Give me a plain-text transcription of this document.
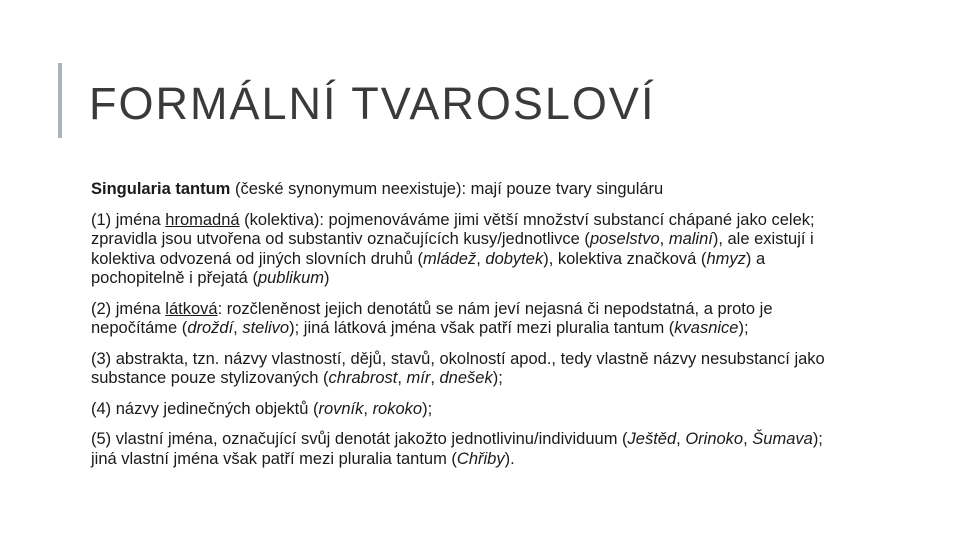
FORMÁLNÍ TVAROSLOVÍ

Singularia tantum (české synonymum neexistuje): mají pouze tvary singuláru

(1) jména hromadná (kolektiva): pojmenováváme jimi větší množství substancí chápané jako celek; zpravidla jsou utvořena od substantiv označujících kusy/jednotlivce (poselstvo, maliní), ale existují i kolektiva odvozená od jiných slovních druhů (mládež, dobytek), kolektiva značková (hmyz) a pochopitelně i přejatá (publikum)

(2) jména látková: rozčleněnost jejich denotátů se nám jeví nejasná či nepodstatná, a proto je nepočítáme (droždí, stelivo); jiná látková jména však patří mezi pluralia tantum (kvasnice);

(3) abstrakta, tzn. názvy vlastností, dějů, stavů, okolností apod., tedy vlastně názvy nesubstancí jako substance pouze stylizovaných (chrabrost, mír, dnešek);

(4) názvy jedinečných objektů (rovník, rokoko);

(5) vlastní jména, označující svůj denotát jakožto jednotlivinu/individuum (Ještěd, Orinoko, Šumava); jiná vlastní jména však patří mezi pluralia tantum (Chřiby).
